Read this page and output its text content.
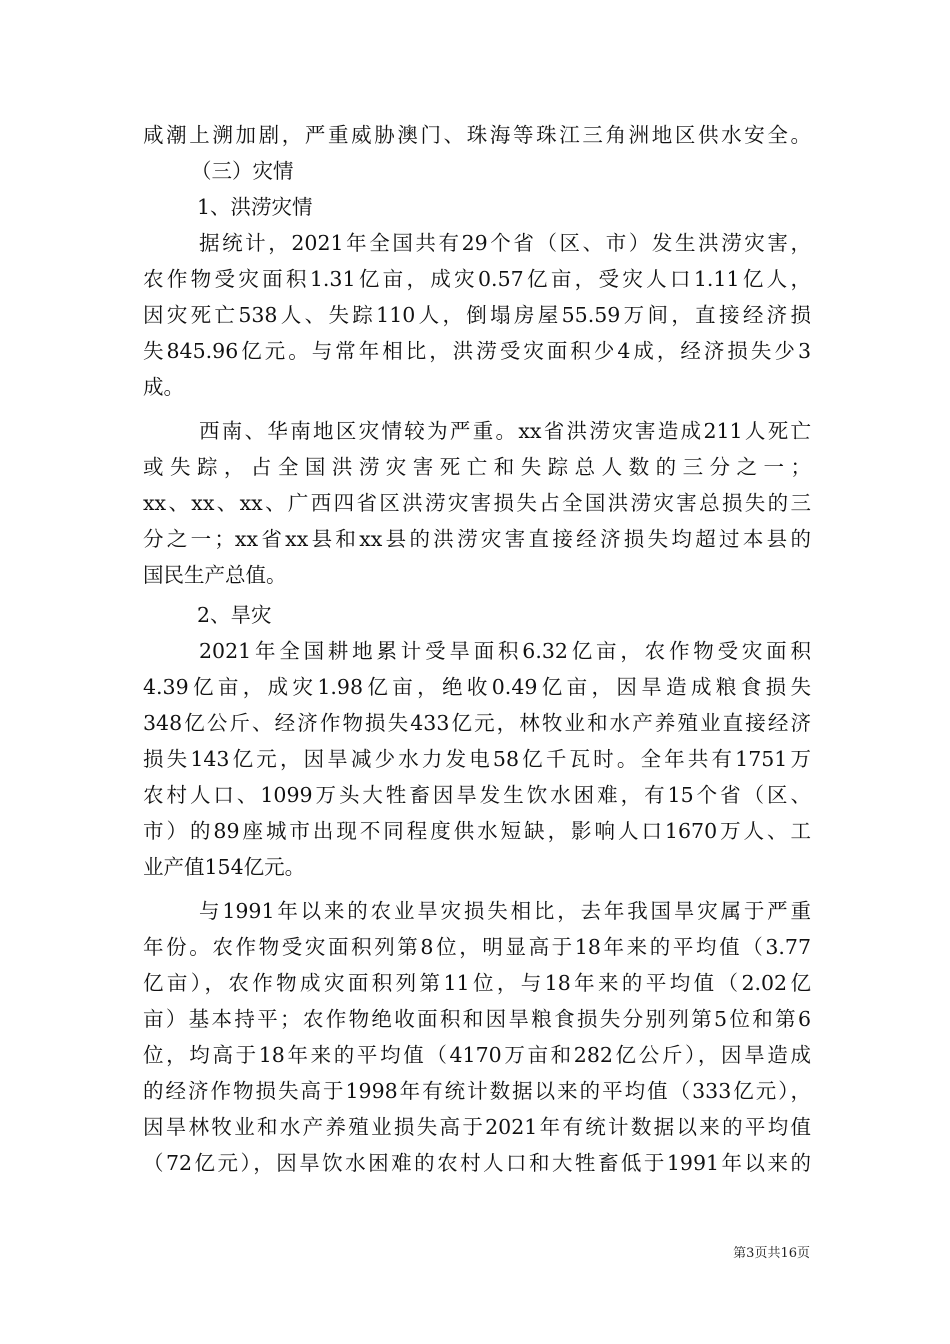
咸潮上溯加剧，严重威胁澳门、珠海等珠江三角洲地区供水安全。
（三）灾情
1、洪涝灾情
据统计，2021年全国共有29个省（区、市）发生洪涝灾害，
农作物受灾面积1.31亿亩，成灾0.57亿亩，受灾人口1.11亿人，
因灾死亡538人、失踪110人，倒塌房屋55.59万间，直接经济损
失845.96亿元。与常年相比，洪涝受灾面积少4成，经济损失少3
成。
西南、华南地区灾情较为严重。xx省洪涝灾害造成211人死亡
或失踪，占全国洪涝灾害死亡和失踪总人数的三分之一；
xx、xx、xx、广西四省区洪涝灾害损失占全国洪涝灾害总损失的三
分之一；xx省xx县和xx县的洪涝灾害直接经济损失均超过本县的
国民生产总值。
2、旱灾
2021年全国耕地累计受旱面积6.32亿亩，农作物受灾面积
4.39亿亩，成灾1.98亿亩，绝收0.49亿亩，因旱造成粮食损失
348亿公斤、经济作物损失433亿元，林牧业和水产养殖业直接经济
损失143亿元，因旱减少水力发电58亿千瓦时。全年共有1751万
农村人口、1099万头大牲畜因旱发生饮水困难，有15个省（区、
市）的89座城市出现不同程度供水短缺，影响人口1670万人、工
业产值154亿元。
与1991年以来的农业旱灾损失相比，去年我国旱灾属于严重
年份。农作物受灾面积列第8位，明显高于18年来的平均值（3.77
亿亩），农作物成灾面积列第11位，与18年来的平均值（2.02亿
亩）基本持平；农作物绝收面积和因旱粮食损失分别列第5位和第6
位，均高于18年来的平均值（4170万亩和282亿公斤），因旱造成
的经济作物损失高于1998年有统计数据以来的平均值（333亿元），
因旱林牧业和水产养殖业损失高于2021年有统计数据以来的平均值
（72亿元），因旱饮水困难的农村人口和大牲畜低于1991年以来的
第3页共16页
